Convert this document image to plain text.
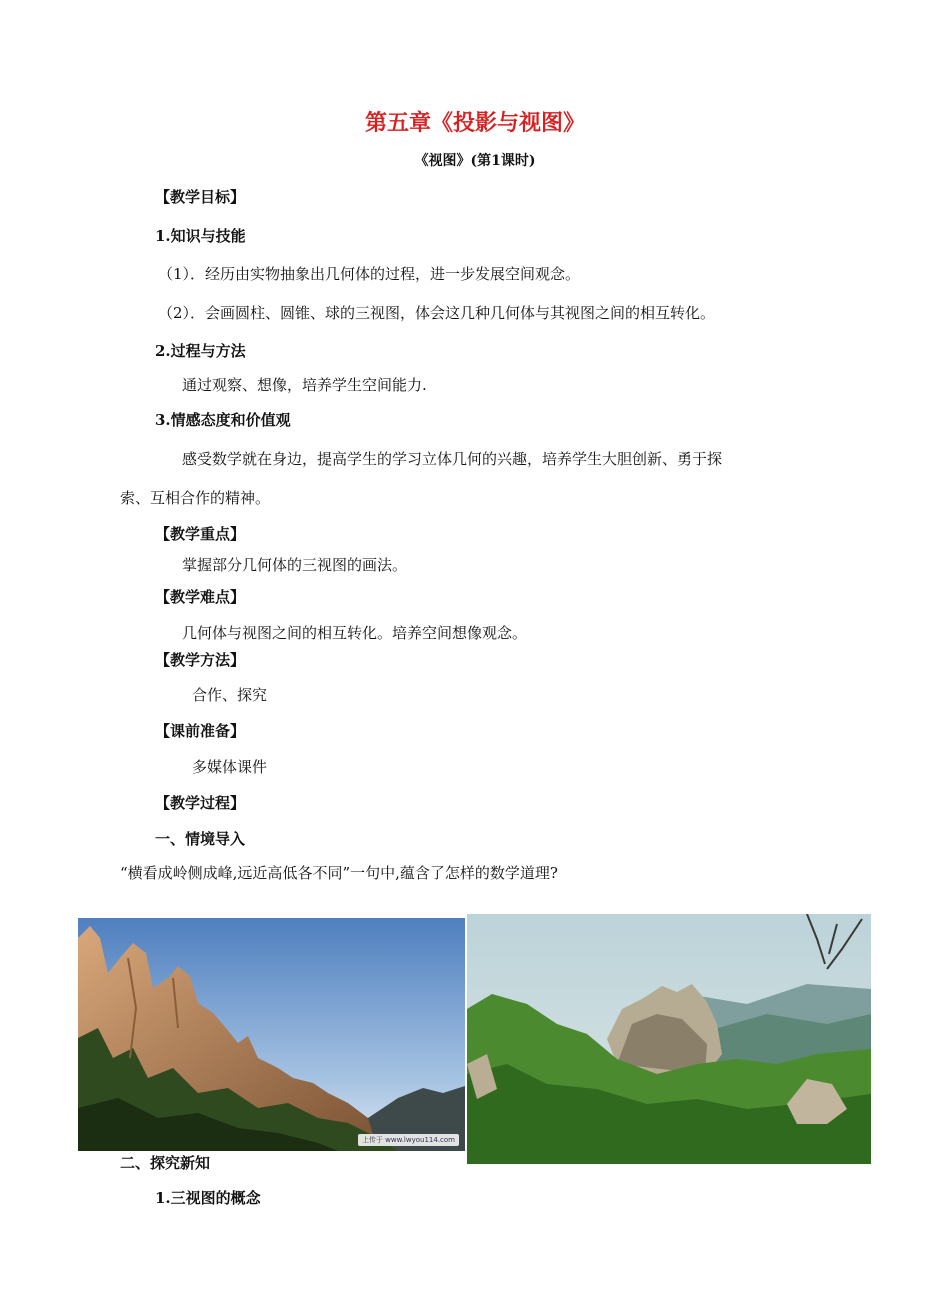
第五章《投影与视图》
《视图》(第1课时)
【教学目标】
1.知识与技能
（1）．经历由实物抽象出几何体的过程，进一步发展空间观念。
（2）．会画圆柱、圆锥、球的三视图，体会这几种几何体与其视图之间的相互转化。
2.过程与方法
通过观察、想像，培养学生空间能力.
3.情感态度和价值观
感受数学就在身边，提高学生的学习立体几何的兴趣，培养学生大胆创新、勇于探
索、互相合作的精神。
【教学重点】
掌握部分几何体的三视图的画法。
【教学难点】
几何体与视图之间的相互转化。培养空间想像观念。
【教学方法】
合作、探究
【课前准备】
多媒体课件
【教学过程】
一、情境导入
“横看成岭侧成峰,远近高低各不同”一句中,蕴含了怎样的数学道理?
上传于 www.lwyou114.com
二、探究新知
1.三视图的概念
